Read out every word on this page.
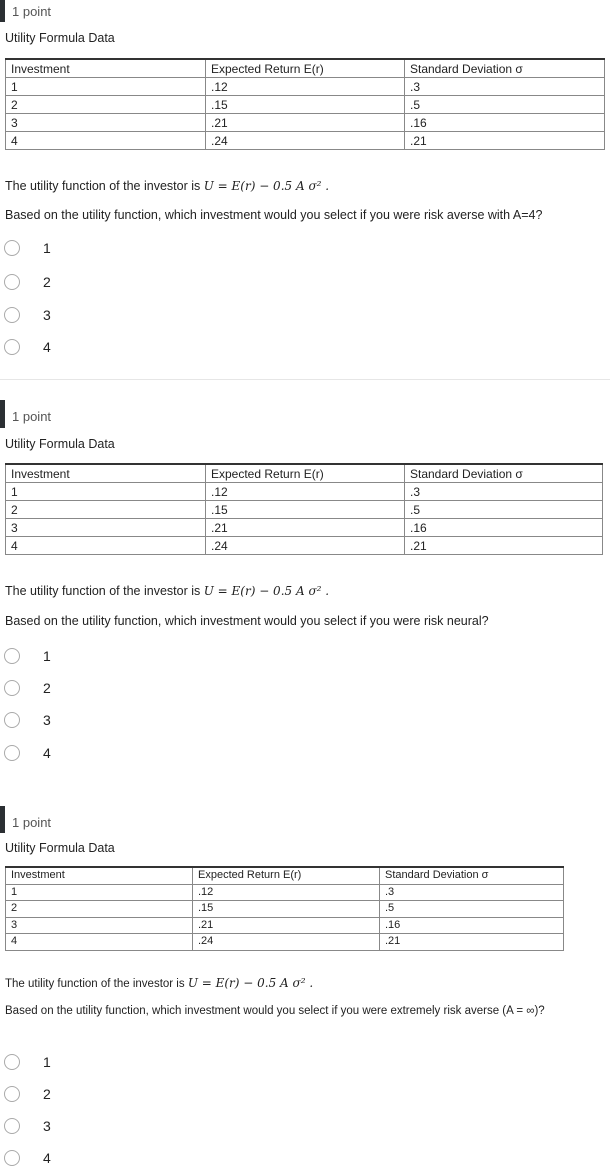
1 point
Utility Formula Data
Investment	Expected Return E(r)	Standard Deviation σ
1	.12	.3
2	.15	.5
3	.21	.16
4	.24	.21
The utility function of the investor is U = E(r) − 0.5 A σ² .
Based on the utility function, which investment would you select if you were risk averse with A=4?
1
2
3
4
1 point
Utility Formula Data
Investment	Expected Return E(r)	Standard Deviation σ
1	.12	.3
2	.15	.5
3	.21	.16
4	.24	.21
The utility function of the investor is U = E(r) − 0.5 A σ² .
Based on the utility function, which investment would you select if you were risk neural?
1
2
3
4
1 point
Utility Formula Data
Investment	Expected Return E(r)	Standard Deviation σ
1	.12	.3
2	.15	.5
3	.21	.16
4	.24	.21
The utility function of the investor is U = E(r) − 0.5 A σ² .
Based on the utility function, which investment would you select if you were extremely risk averse (A = ∞)?
1
2
3
4
